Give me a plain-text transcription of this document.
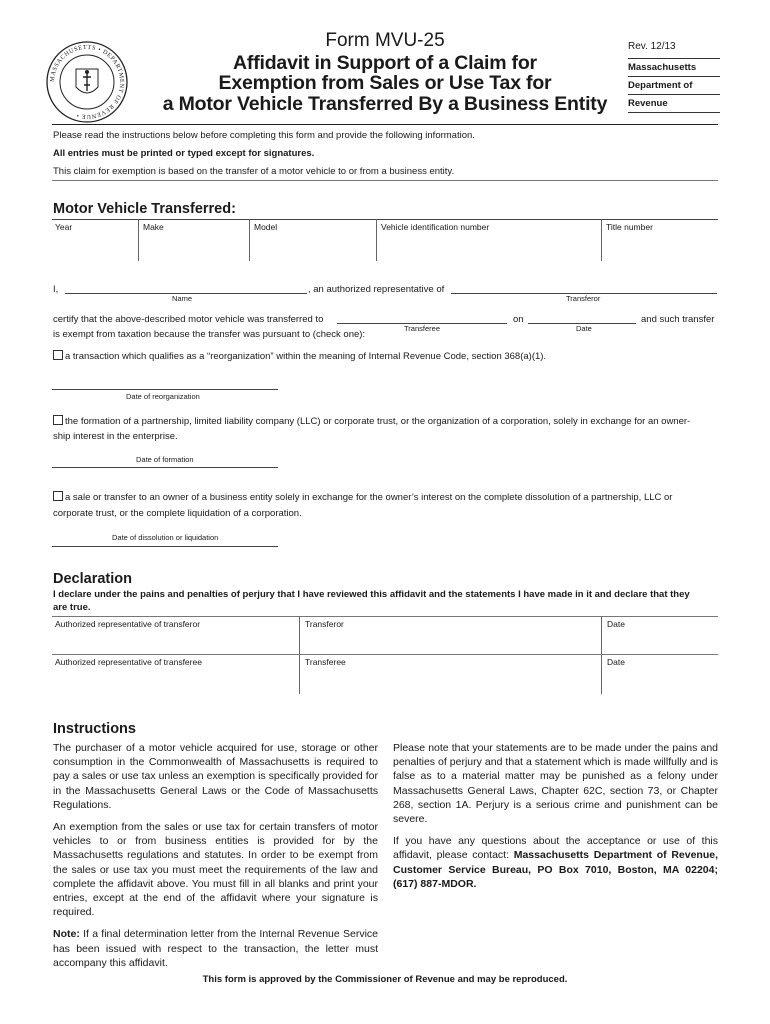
MASSACHUSETTS • DEPARTMENT OF REVENUE •
Form MVU-25
Affidavit in Support of a Claim for
Exemption from Sales or Use Tax for
a Motor Vehicle Transferred By a Business Entity
Rev. 12/13
Massachusetts
Department of
Revenue
Please read the instructions below before completing this form and provide the following information.
All entries must be printed or typed except for signatures.
This claim for exemption is based on the transfer of a motor vehicle to or from a business entity.
Motor Vehicle Transferred:
Year	Make	Model	Vehicle identification number	Title number
I,	, an authorized representative of
Name	Transferor
certify that the above-described motor vehicle was transferred to	on	and such transfer
Transferee	Date
is exempt from taxation because the transfer was pursuant to (check one):
a transaction which qualifies as a “reorganization” within the meaning of Internal Revenue Code, section 368(a)(1).
Date of reorganization
the formation of a partnership, limited liability company (LLC) or corporate trust, or the organization of a corporation, solely in exchange for an owner-
ship interest in the enterprise.
Date of formation
a sale or transfer to an owner of a business entity solely in exchange for the owner’s interest on the complete dissolution of a partnership, LLC or
corporate trust, or the complete liquidation of a corporation.
Date of dissolution or liquidation
Declaration
I declare under the pains and penalties of perjury that I have reviewed this affidavit and the statements I have made in it and declare that they
are true.
Authorized representative of transferor	Transferor	Date
Authorized representative of transferee	Transferee	Date
Instructions

The purchaser of a motor vehicle acquired for use, storage or other consumption in the Commonwealth of Massachusetts is required to pay a sales or use tax unless an exemption is specifically provided for in the Massachusetts General Laws or the Code of Massachusetts Regulations.

An exemption from the sales or use tax for certain transfers of motor vehicles to or from business entities is provided for by the Massachusetts regulations and statutes. In order to be exempt from the sales or use tax you must meet the requirements of the law and complete the affidavit above. You must fill in all blanks and print your entries, except at the end of the affidavit where your signature is required.

Note: If a final determination letter from the Internal Revenue Service has been issued with respect to the transaction, the letter must accompany this affidavit.

Please note that your statements are to be made under the pains and penalties of perjury and that a statement which is made willfully and is false as to a material matter may be punished as a felony under Massachusetts General Laws, Chapter 62C, section 73, or Chapter 268, section 1A. Perjury is a serious crime and punishment can be severe.

If you have any questions about the acceptance or use of this affidavit, please contact: Massachusetts Department of Revenue, Customer Service Bureau, PO Box 7010, Boston, MA 02204; (617) 887-MDOR.

This form is approved by the Commissioner of Revenue and may be reproduced.
